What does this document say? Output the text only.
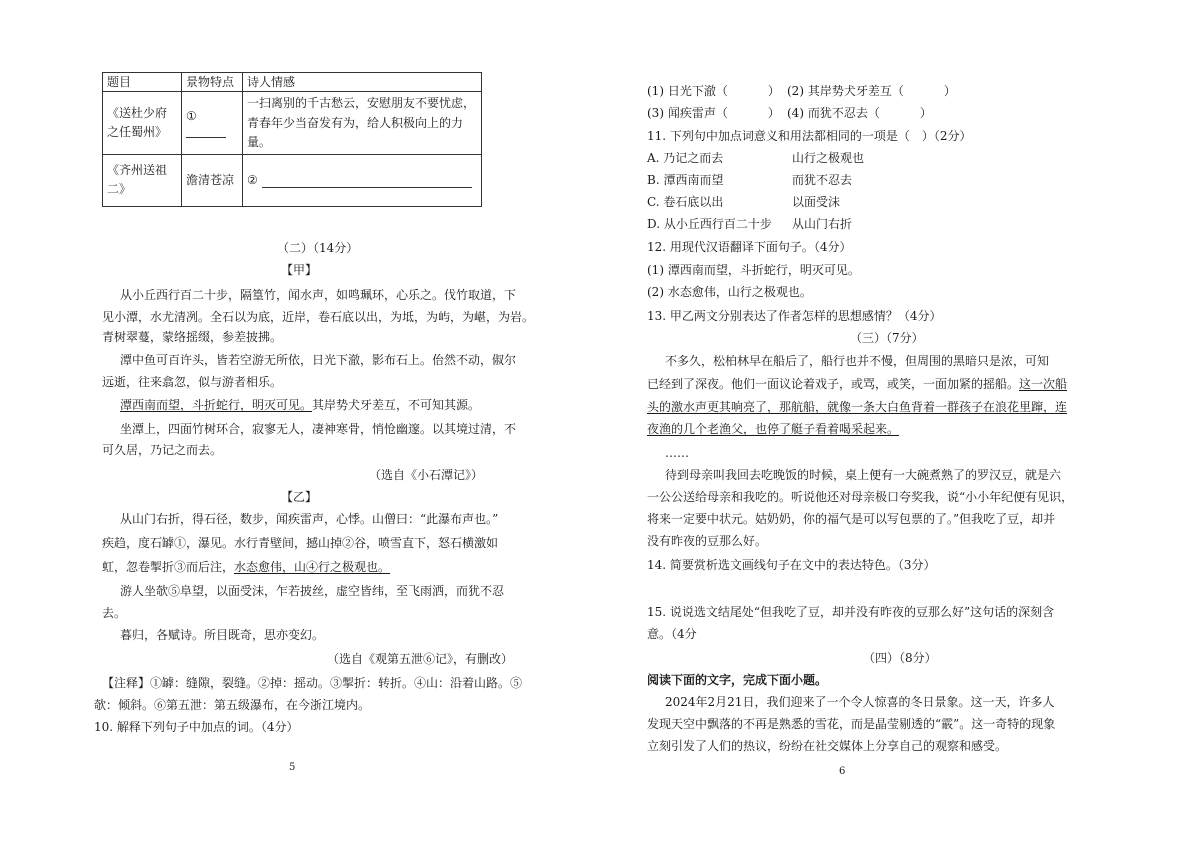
题目	景物特点	诗人情感
《送杜少府之任蜀州》	①	一扫离别的千古愁云，安慰朋友不要忧虑，青春年少当奋发有为，给人积极向上的力量。
《齐州送祖二》	澹清苍凉	②
（二）（14分）
【甲】
从小丘西行百二十步，隔篁竹，闻水声，如鸣珮环，心乐之。伐竹取道，下
见小潭，水尤清冽。全石以为底，近岸，卷石底以出，为坻，为屿，为嵁，为岩。
青树翠蔓，蒙络摇缀，参差披拂。
潭中鱼可百许头，皆若空游无所依，日光下澈，影布石上。佁然不动，俶尔
远逝，往来翕忽，似与游者相乐。
潭西南而望，斗折蛇行，明灭可见。其岸势犬牙差互，不可知其源。
坐潭上，四面竹树环合，寂寥无人，凄神寒骨，悄怆幽邃。以其境过清，不
可久居，乃记之而去。
（选自《小石潭记》）
【乙】
从山门右折，得石径，数步，闻疾雷声，心悸。山僧曰：“此瀑布声也。”
疾趋，度石罅①，瀑见。水行青壁间，撼山掉②谷，喷雪直下，怒石横激如
虹，忽卷掣折③而后注，水态愈伟，山④行之极观也。
游人坐欹⑤阜望，以面受沫，乍若披丝，虚空皆纬，至飞雨洒，而犹不忍
去。
暮归，各赋诗。所目既奇，思亦变幻。
（选自《观第五泄⑥记》，有删改）
【注释】①罅：缝隙，裂缝。②掉：摇动。③掣折：转折。④山：沿着山路。⑤
欹：倾斜。⑥第五泄：第五级瀑布，在今浙江境内。
10. 解释下列句子中加点的词。（4分）
5
(1) 日光下澈（	） (2) 其岸势犬牙差互（	）
(3) 闻疾雷声（	） (4) 而犹不忍去（	）
11. 下列句中加点词意义和用法都相同的一项是（　）（2分）
A. 乃记之而去	山行之极观也
B. 潭西南而望	而犹不忍去
C. 卷石底以出	以面受沫
D. 从小丘西行百二十步 从山门右折
12. 用现代汉语翻译下面句子。（4分）
(1) 潭西南而望，斗折蛇行，明灭可见。
(2) 水态愈伟，山行之极观也。
13. 甲乙两文分别表达了作者怎样的思想感情？（4分）
（三）（7分）
不多久，松柏林早在船后了，船行也并不慢，但周围的黑暗只是浓，可知
已经到了深夜。他们一面议论着戏子，或骂，或笑，一面加紧的摇船。这一次船
头的激水声更其响亮了，那航船，就像一条大白鱼背着一群孩子在浪花里蹿，连
夜渔的几个老渔父，也停了艇子看着喝采起来。
……
待到母亲叫我回去吃晚饭的时候，桌上便有一大碗煮熟了的罗汉豆，就是六
一公公送给母亲和我吃的。听说他还对母亲极口夸奖我，说“小小年纪便有见识，
将来一定要中状元。姑奶奶，你的福气是可以写包票的了。”但我吃了豆，却并
没有昨夜的豆那么好。
14. 简要赏析选文画线句子在文中的表达特色。（3分）
15. 说说选文结尾处“但我吃了豆，却并没有昨夜的豆那么好”这句话的深刻含
意。（4分
（四）（8分）
阅读下面的文字，完成下面小题。
2024年2月21日，我们迎来了一个令人惊喜的冬日景象。这一天，许多人
发现天空中飘落的不再是熟悉的雪花，而是晶莹剔透的“霰”。这一奇特的现象
立刻引发了人们的热议，纷纷在社交媒体上分享自己的观察和感受。
6
